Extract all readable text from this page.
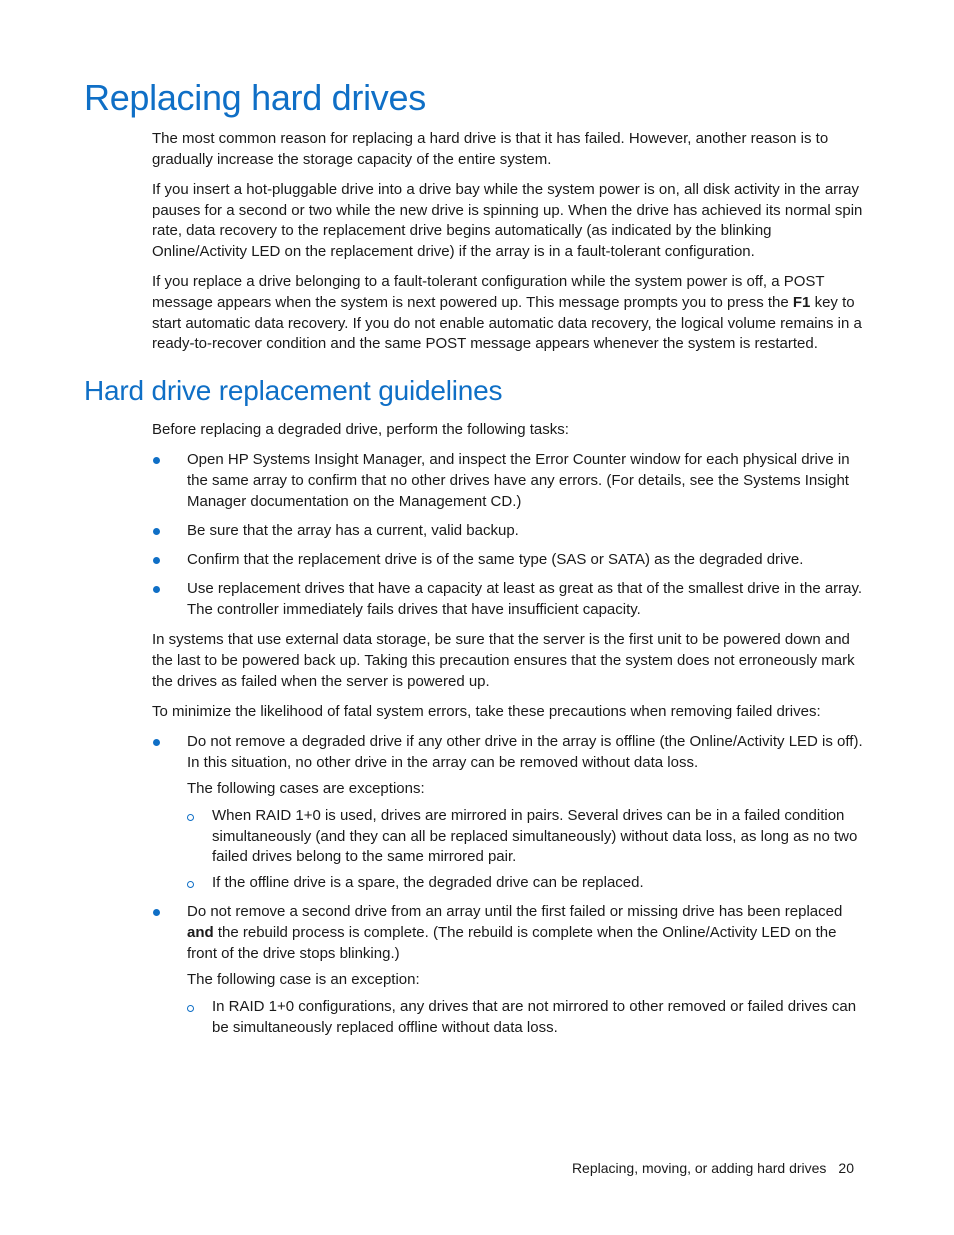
Replacing hard drives

The most common reason for replacing a hard drive is that it has failed. However, another reason is to gradually increase the storage capacity of the entire system.

If you insert a hot-pluggable drive into a drive bay while the system power is on, all disk activity in the array pauses for a second or two while the new drive is spinning up. When the drive has achieved its normal spin rate, data recovery to the replacement drive begins automatically (as indicated by the blinking Online/Activity LED on the replacement drive) if the array is in a fault-tolerant configuration.

If you replace a drive belonging to a fault-tolerant configuration while the system power is off, a POST message appears when the system is next powered up. This message prompts you to press the F1 key to start automatic data recovery. If you do not enable automatic data recovery, the logical volume remains in a ready-to-recover condition and the same POST message appears whenever the system is restarted.

Hard drive replacement guidelines

Before replacing a degraded drive, perform the following tasks:

Open HP Systems Insight Manager, and inspect the Error Counter window for each physical drive in the same array to confirm that no other drives have any errors. (For details, see the Systems Insight Manager documentation on the Management CD.)
Be sure that the array has a current, valid backup.
Confirm that the replacement drive is of the same type (SAS or SATA) as the degraded drive.
Use replacement drives that have a capacity at least as great as that of the smallest drive in the array. The controller immediately fails drives that have insufficient capacity.

In systems that use external data storage, be sure that the server is the first unit to be powered down and the last to be powered back up. Taking this precaution ensures that the system does not erroneously mark the drives as failed when the server is powered up.

To minimize the likelihood of fatal system errors, take these precautions when removing failed drives:

Do not remove a degraded drive if any other drive in the array is offline (the Online/Activity LED is off). In this situation, no other drive in the array can be removed without data loss.
The following cases are exceptions:
When RAID 1+0 is used, drives are mirrored in pairs. Several drives can be in a failed condition simultaneously (and they can all be replaced simultaneously) without data loss, as long as no two failed drives belong to the same mirrored pair.
If the offline drive is a spare, the degraded drive can be replaced.
Do not remove a second drive from an array until the first failed or missing drive has been replaced and the rebuild process is complete. (The rebuild is complete when the Online/Activity LED on the front of the drive stops blinking.)
The following case is an exception:
In RAID 1+0 configurations, any drives that are not mirrored to other removed or failed drives can be simultaneously replaced offline without data loss.
Replacing, moving, or adding hard drives 20
